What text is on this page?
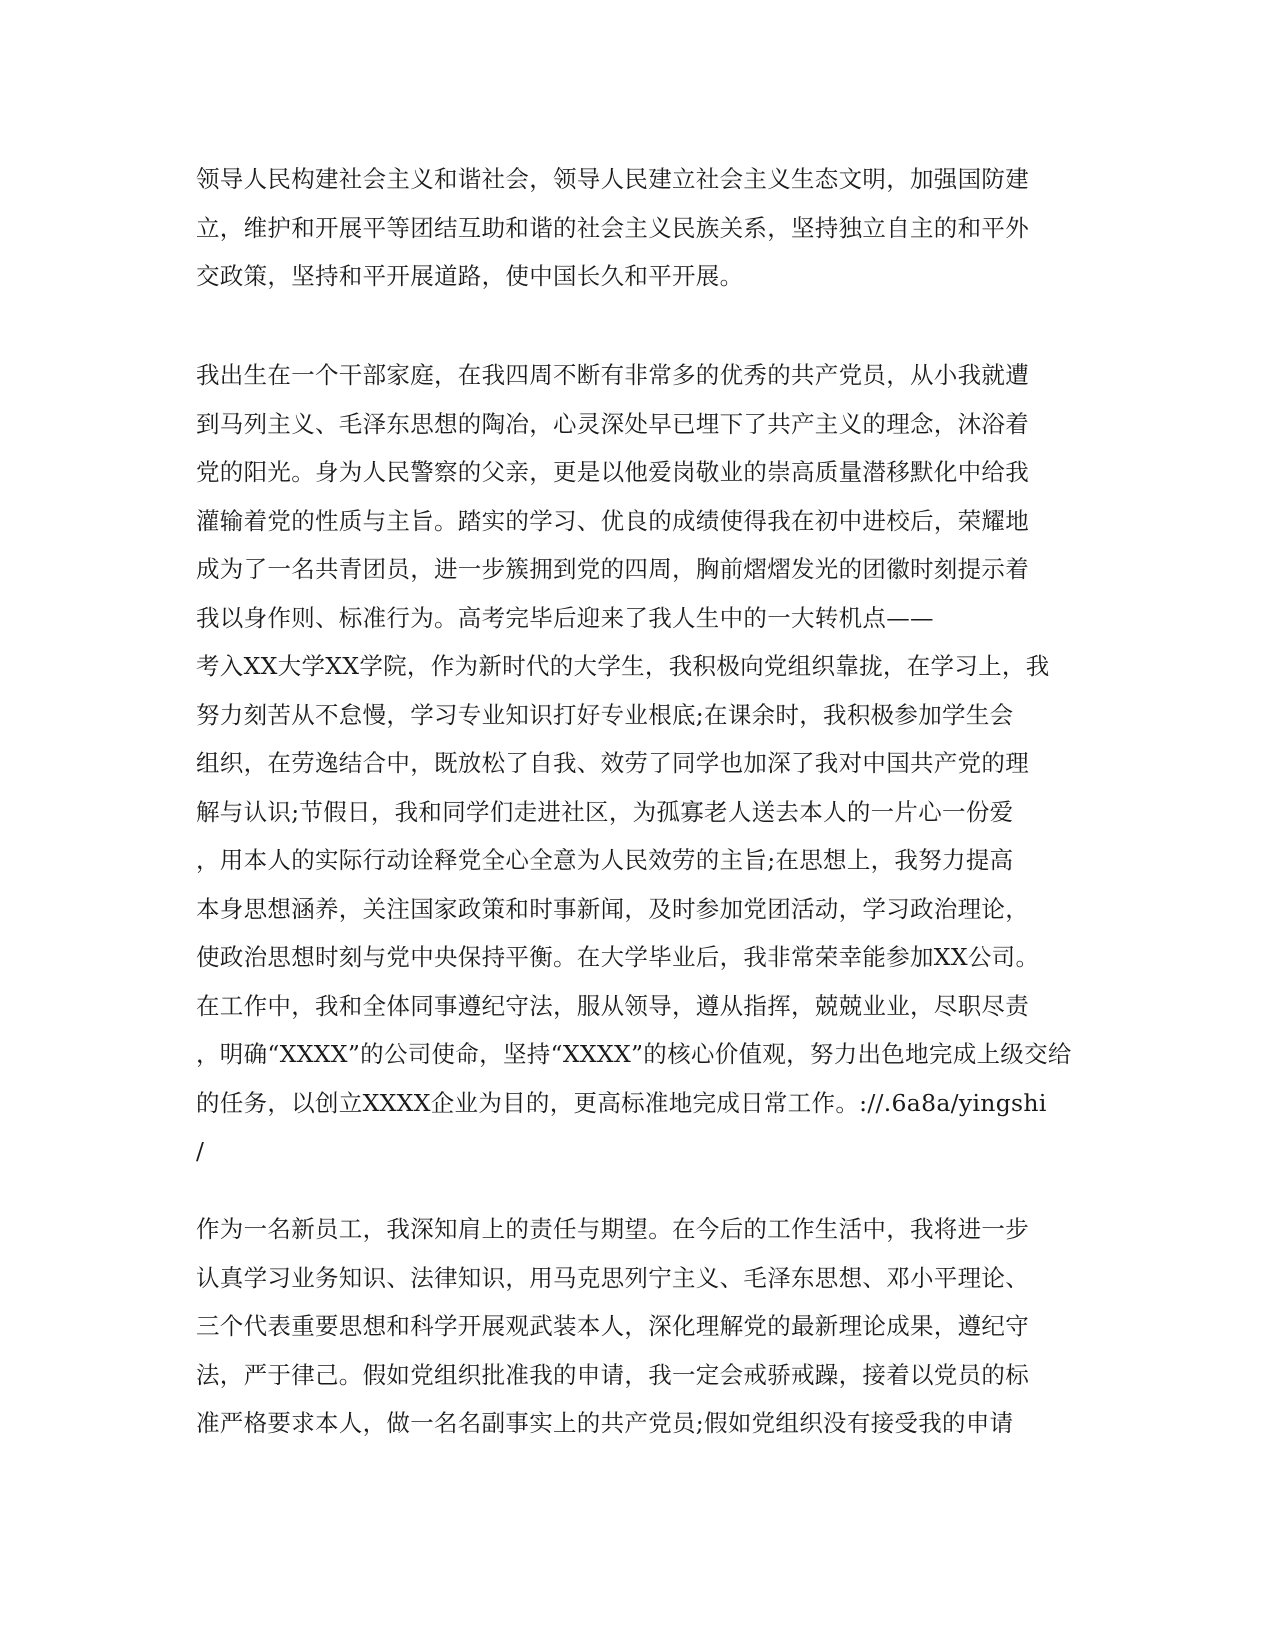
领导人民构建社会主义和谐社会，领导人民建立社会主义生态文明，加强国防建
立，维护和开展平等团结互助和谐的社会主义民族关系，坚持独立自主的和平外
交政策，坚持和平开展道路，使中国长久和平开展。

我出生在一个干部家庭，在我四周不断有非常多的优秀的共产党员，从小我就遭
到马列主义、毛泽东思想的陶冶，心灵深处早已埋下了共产主义的理念，沐浴着
党的阳光。身为人民警察的父亲，更是以他爱岗敬业的崇高质量潜移默化中给我
灌输着党的性质与主旨。踏实的学习、优良的成绩使得我在初中进校后，荣耀地
成为了一名共青团员，进一步簇拥到党的四周，胸前熠熠发光的团徽时刻提示着
我以身作则、标准行为。高考完毕后迎来了我人生中的一大转机点——
考入XX大学XX学院，作为新时代的大学生，我积极向党组织靠拢，在学习上，我
努力刻苦从不怠慢，学习专业知识打好专业根底;在课余时，我积极参加学生会
组织，在劳逸结合中，既放松了自我、效劳了同学也加深了我对中国共产党的理
解与认识;节假日，我和同学们走进社区，为孤寡老人送去本人的一片心一份爱
，用本人的实际行动诠释党全心全意为人民效劳的主旨;在思想上，我努力提高
本身思想涵养，关注国家政策和时事新闻，及时参加党团活动，学习政治理论，
使政治思想时刻与党中央保持平衡。在大学毕业后，我非常荣幸能参加XX公司。
在工作中，我和全体同事遵纪守法，服从领导，遵从指挥，兢兢业业，尽职尽责
，明确“XXXX”的公司使命，坚持“XXXX”的核心价值观，努力出色地完成上级交给
的任务，以创立XXXX企业为目的，更高标准地完成日常工作。://.6a8a/yingshi
/

作为一名新员工，我深知肩上的责任与期望。在今后的工作生活中，我将进一步
认真学习业务知识、法律知识，用马克思列宁主义、毛泽东思想、邓小平理论、
三个代表重要思想和科学开展观武装本人，深化理解党的最新理论成果，遵纪守
法，严于律己。假如党组织批准我的申请，我一定会戒骄戒躁，接着以党员的标
准严格要求本人，做一名名副事实上的共产党员;假如党组织没有接受我的申请
